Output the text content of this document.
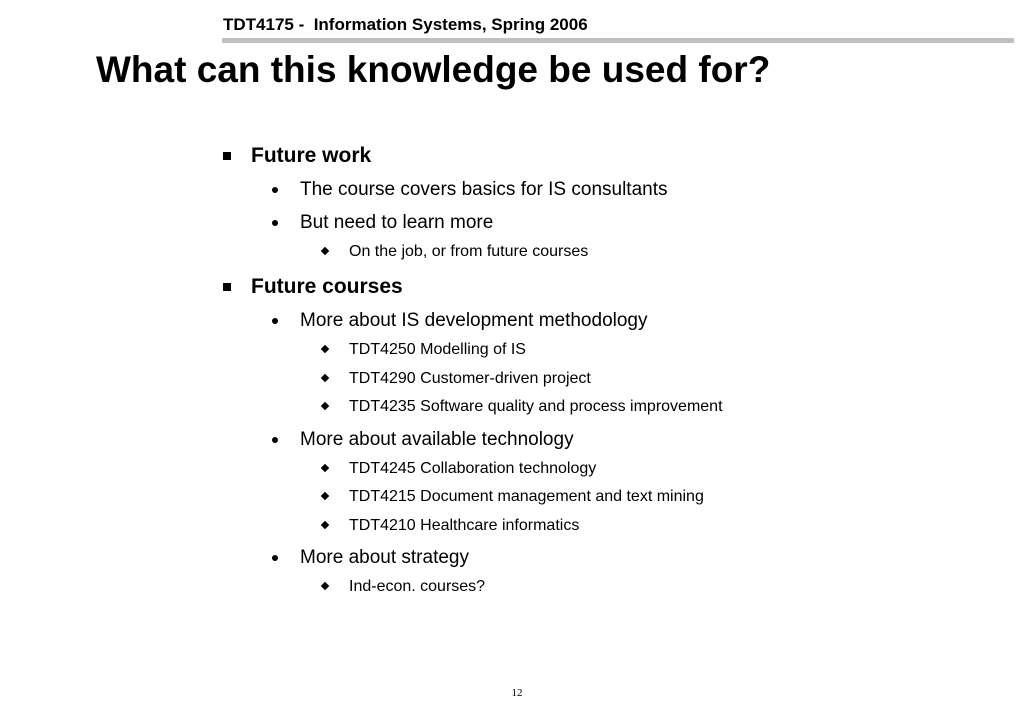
TDT4175 -  Information Systems, Spring 2006
What can this knowledge be used for?
Future work
The course covers basics for IS consultants
But need to learn more
On the job, or from future courses
Future courses
More about IS development methodology
TDT4250 Modelling of IS
TDT4290 Customer-driven project
TDT4235 Software quality and process improvement
More about available technology
TDT4245 Collaboration technology
TDT4215 Document management and text mining
TDT4210 Healthcare informatics
More about strategy
Ind-econ. courses?
12
